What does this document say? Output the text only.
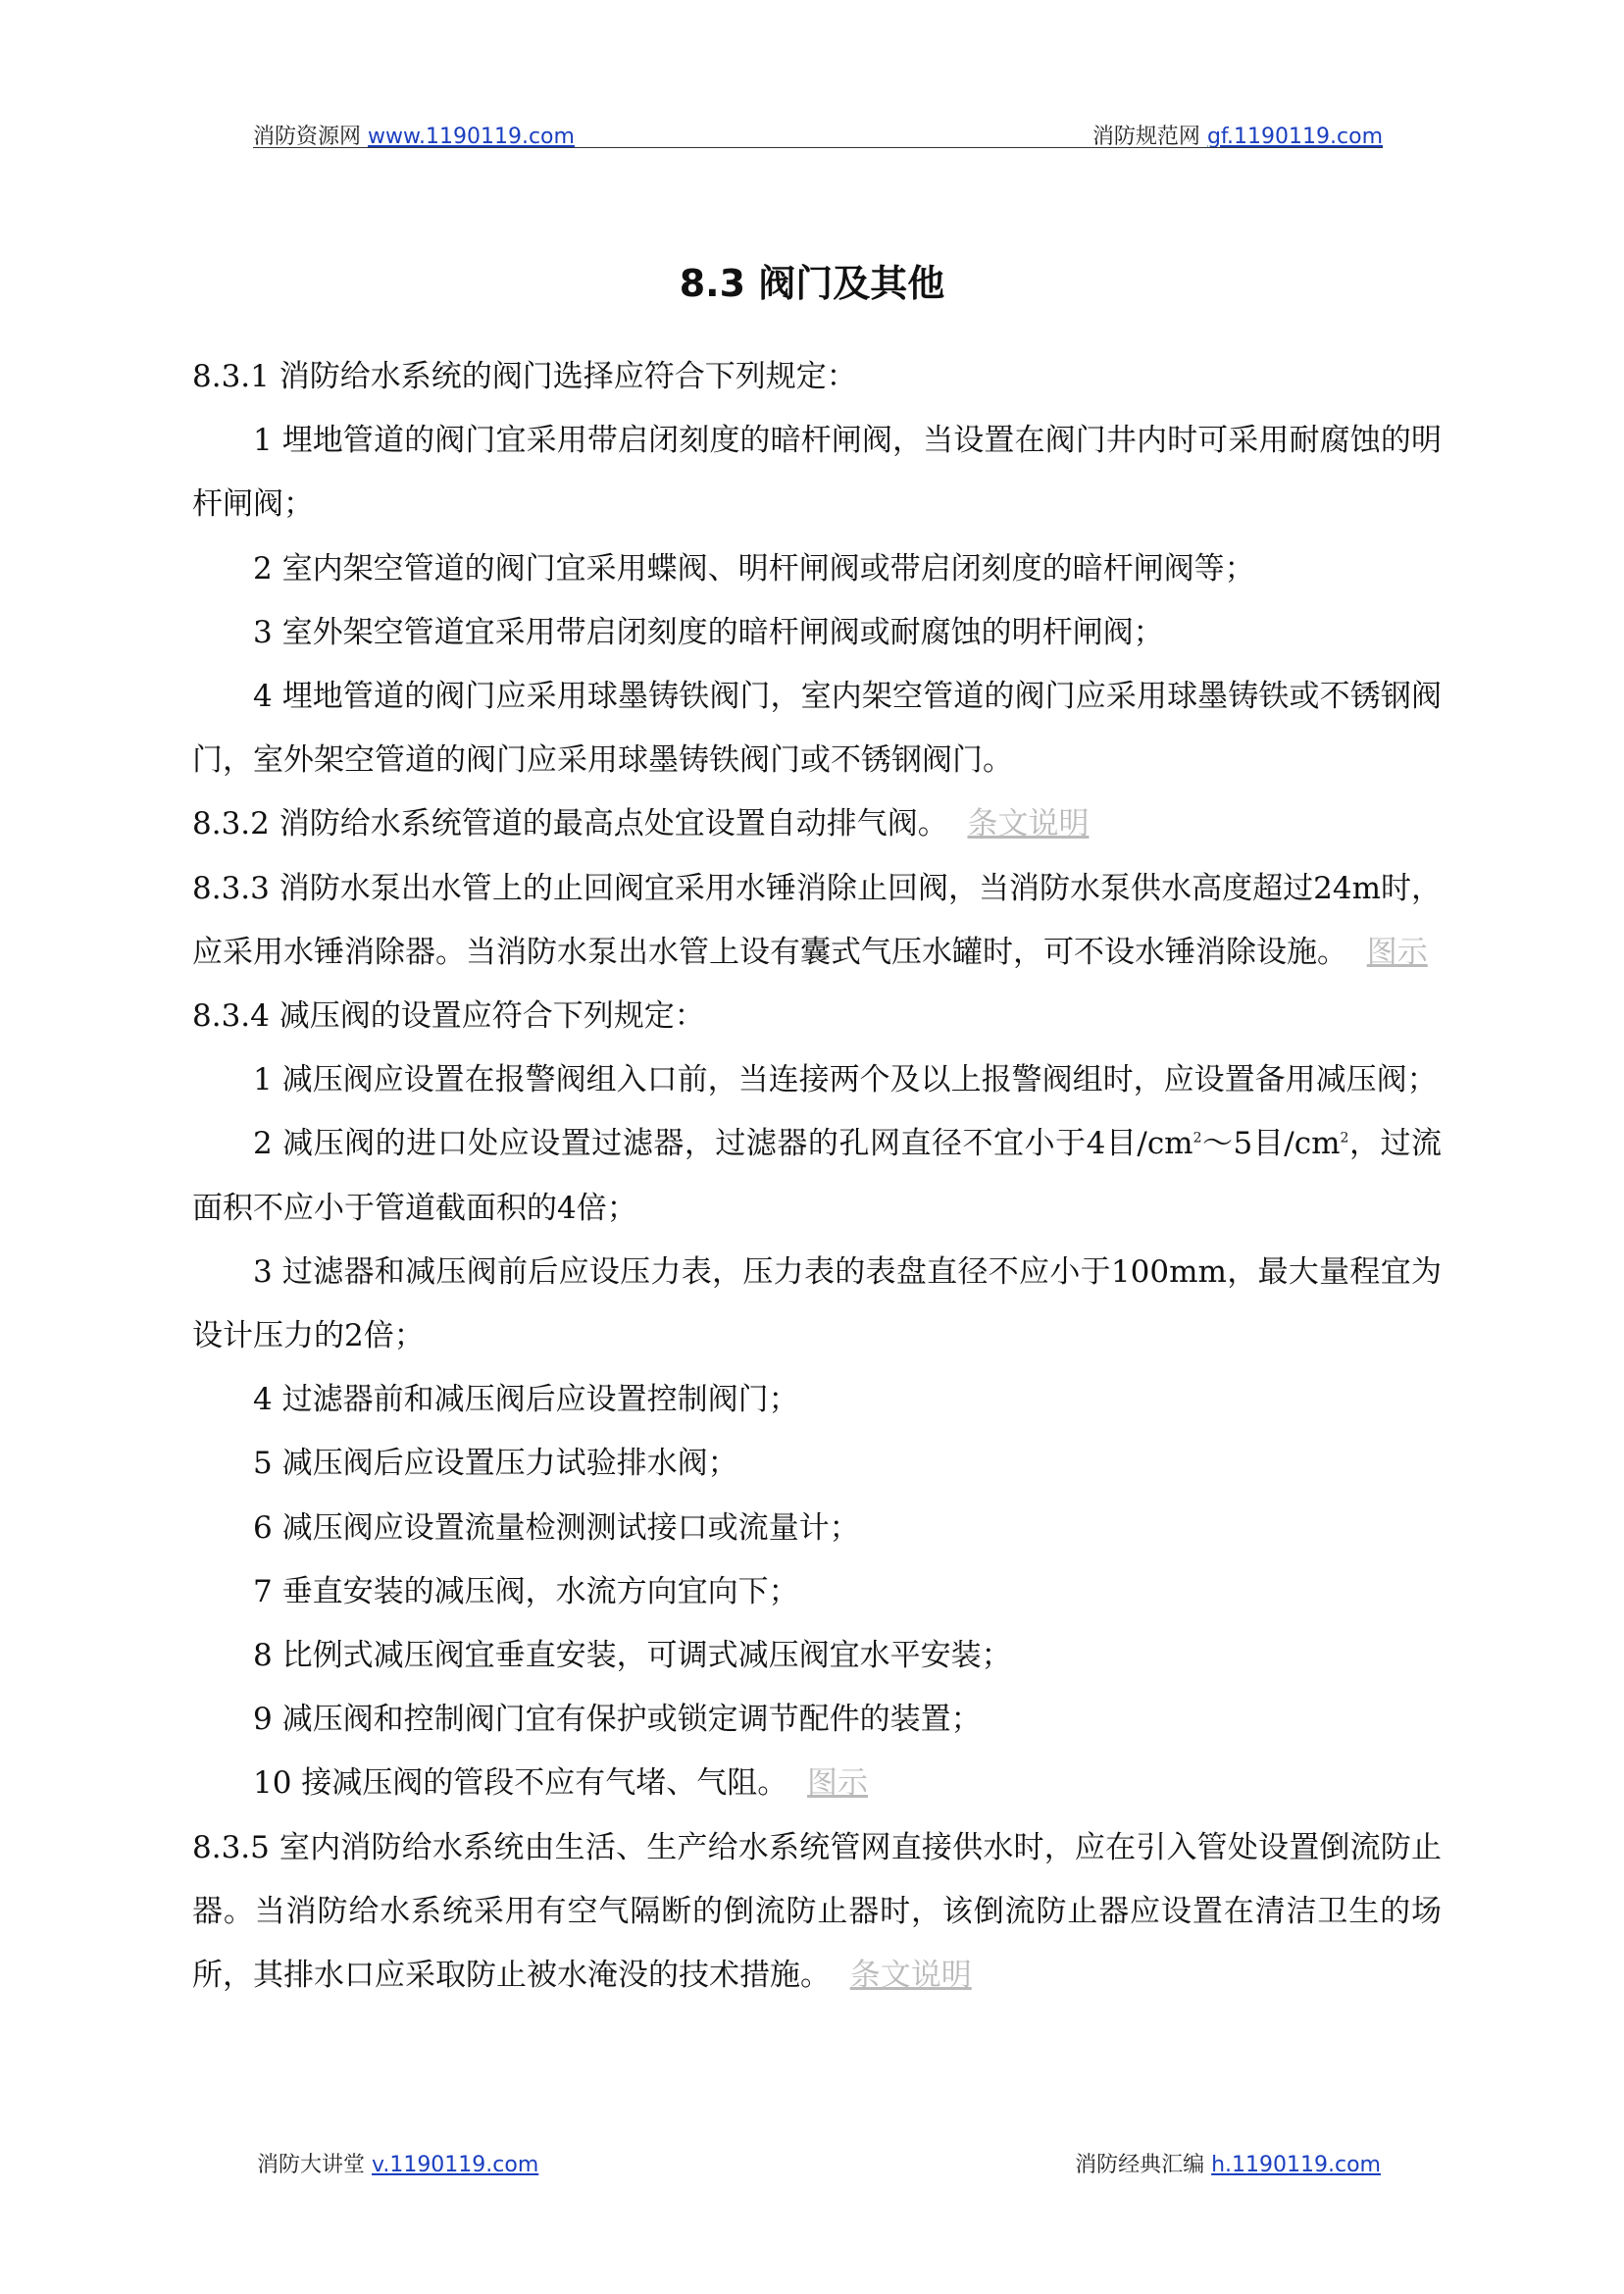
消防资源网 www.1190119.com	消防规范网 gf.1190119.com
8.3 阀门及其他

8.3.1 消防给水系统的阀门选择应符合下列规定：

1 埋地管道的阀门宜采用带启闭刻度的暗杆闸阀，当设置在阀门井内时可采用耐腐蚀的明杆闸阀；

2 室内架空管道的阀门宜采用蝶阀、明杆闸阀或带启闭刻度的暗杆闸阀等；

3 室外架空管道宜采用带启闭刻度的暗杆闸阀或耐腐蚀的明杆闸阀；

4 埋地管道的阀门应采用球墨铸铁阀门，室内架空管道的阀门应采用球墨铸铁或不锈钢阀门，室外架空管道的阀门应采用球墨铸铁阀门或不锈钢阀门。

8.3.2 消防给水系统管道的最高点处宜设置自动排气阀。 条文说明

8.3.3 消防水泵出水管上的止回阀宜采用水锤消除止回阀，当消防水泵供水高度超过24m时，应采用水锤消除器。当消防水泵出水管上设有囊式气压水罐时，可不设水锤消除设施。 图示

8.3.4 减压阀的设置应符合下列规定：

1 减压阀应设置在报警阀组入口前，当连接两个及以上报警阀组时，应设置备用减压阀；

2 减压阀的进口处应设置过滤器，过滤器的孔网直径不宜小于4目$/cm^2\sim 5$目$/cm^2$，过流面积不应小于管道截面积的4倍；

3 过滤器和减压阀前后应设压力表，压力表的表盘直径不应小于100mm，最大量程宜为设计压力的2倍；

4 过滤器前和减压阀后应设置控制阀门；

5 减压阀后应设置压力试验排水阀；

6 减压阀应设置流量检测测试接口或流量计；

7 垂直安装的减压阀，水流方向宜向下；

8 比例式减压阀宜垂直安装，可调式减压阀宜水平安装；

9 减压阀和控制阀门宜有保护或锁定调节配件的装置；

10 接减压阀的管段不应有气堵、气阻。 图示

8.3.5 室内消防给水系统由生活、生产给水系统管网直接供水时，应在引入管处设置倒流防止器。当消防给水系统采用有空气隔断的倒流防止器时，该倒流防止器应设置在清洁卫生的场所，其排水口应采取防止被水淹没的技术措施。 条文说明

消防大讲堂 v.1190119.com	消防经典汇编 h.1190119.com
